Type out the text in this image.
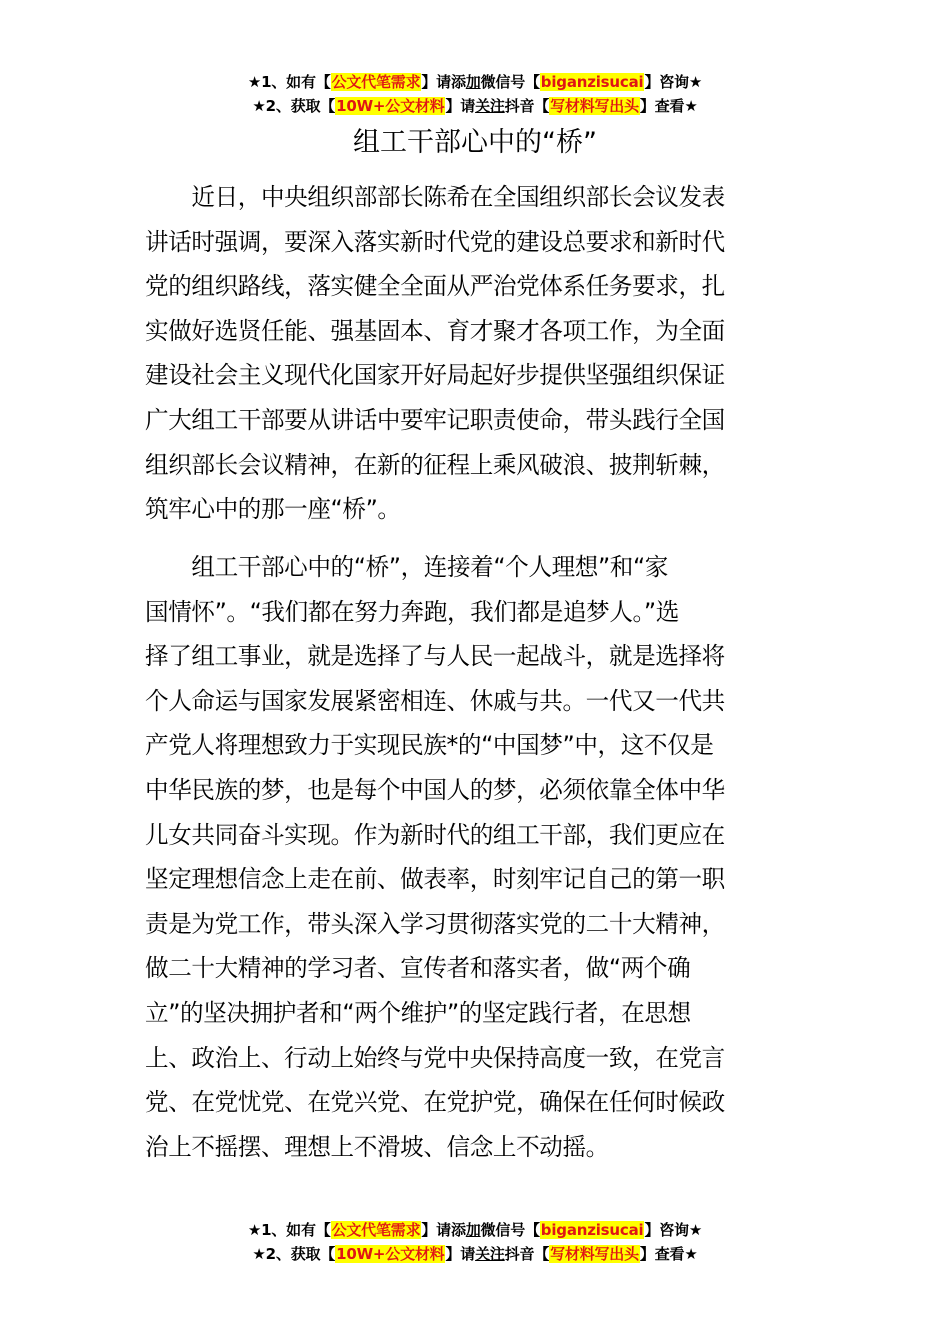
★1、如有【公文代笔需求】请添加微信号【biganzisucai】咨询★
★2、获取【10W+公文材料】请关注抖音【写材料写出头】查看★
组工干部心中的“桥”
　　近日，中央组织部部长陈希在全国组织部长会议发表
讲话时强调，要深入落实新时代党的建设总要求和新时代
党的组织路线，落实健全全面从严治党体系任务要求，扎
实做好选贤任能、强基固本、育才聚才各项工作，为全面
建设社会主义现代化国家开好局起好步提供坚强组织保证
广大组工干部要从讲话中要牢记职责使命，带头践行全国
组织部长会议精神，在新的征程上乘风破浪、披荆斩棘，
筑牢心中的那一座“桥”。
　　组工干部心中的“桥”，连接着“个人理想”和“家
国情怀”。“我们都在努力奔跑，我们都是追梦人。”选
择了组工事业，就是选择了与人民一起战斗，就是选择将
个人命运与国家发展紧密相连、休戚与共。一代又一代共
产党人将理想致力于实现民族*的“中国梦”中，这不仅是
中华民族的梦，也是每个中国人的梦，必须依靠全体中华
儿女共同奋斗实现。作为新时代的组工干部，我们更应在
坚定理想信念上走在前、做表率，时刻牢记自己的第一职
责是为党工作，带头深入学习贯彻落实党的二十大精神，
做二十大精神的学习者、宣传者和落实者，做“两个确
立”的坚决拥护者和“两个维护”的坚定践行者，在思想
上、政治上、行动上始终与党中央保持高度一致，在党言
党、在党忧党、在党兴党、在党护党，确保在任何时候政
治上不摇摆、理想上不滑坡、信念上不动摇。
★1、如有【公文代笔需求】请添加微信号【biganzisucai】咨询★
★2、获取【10W+公文材料】请关注抖音【写材料写出头】查看★
